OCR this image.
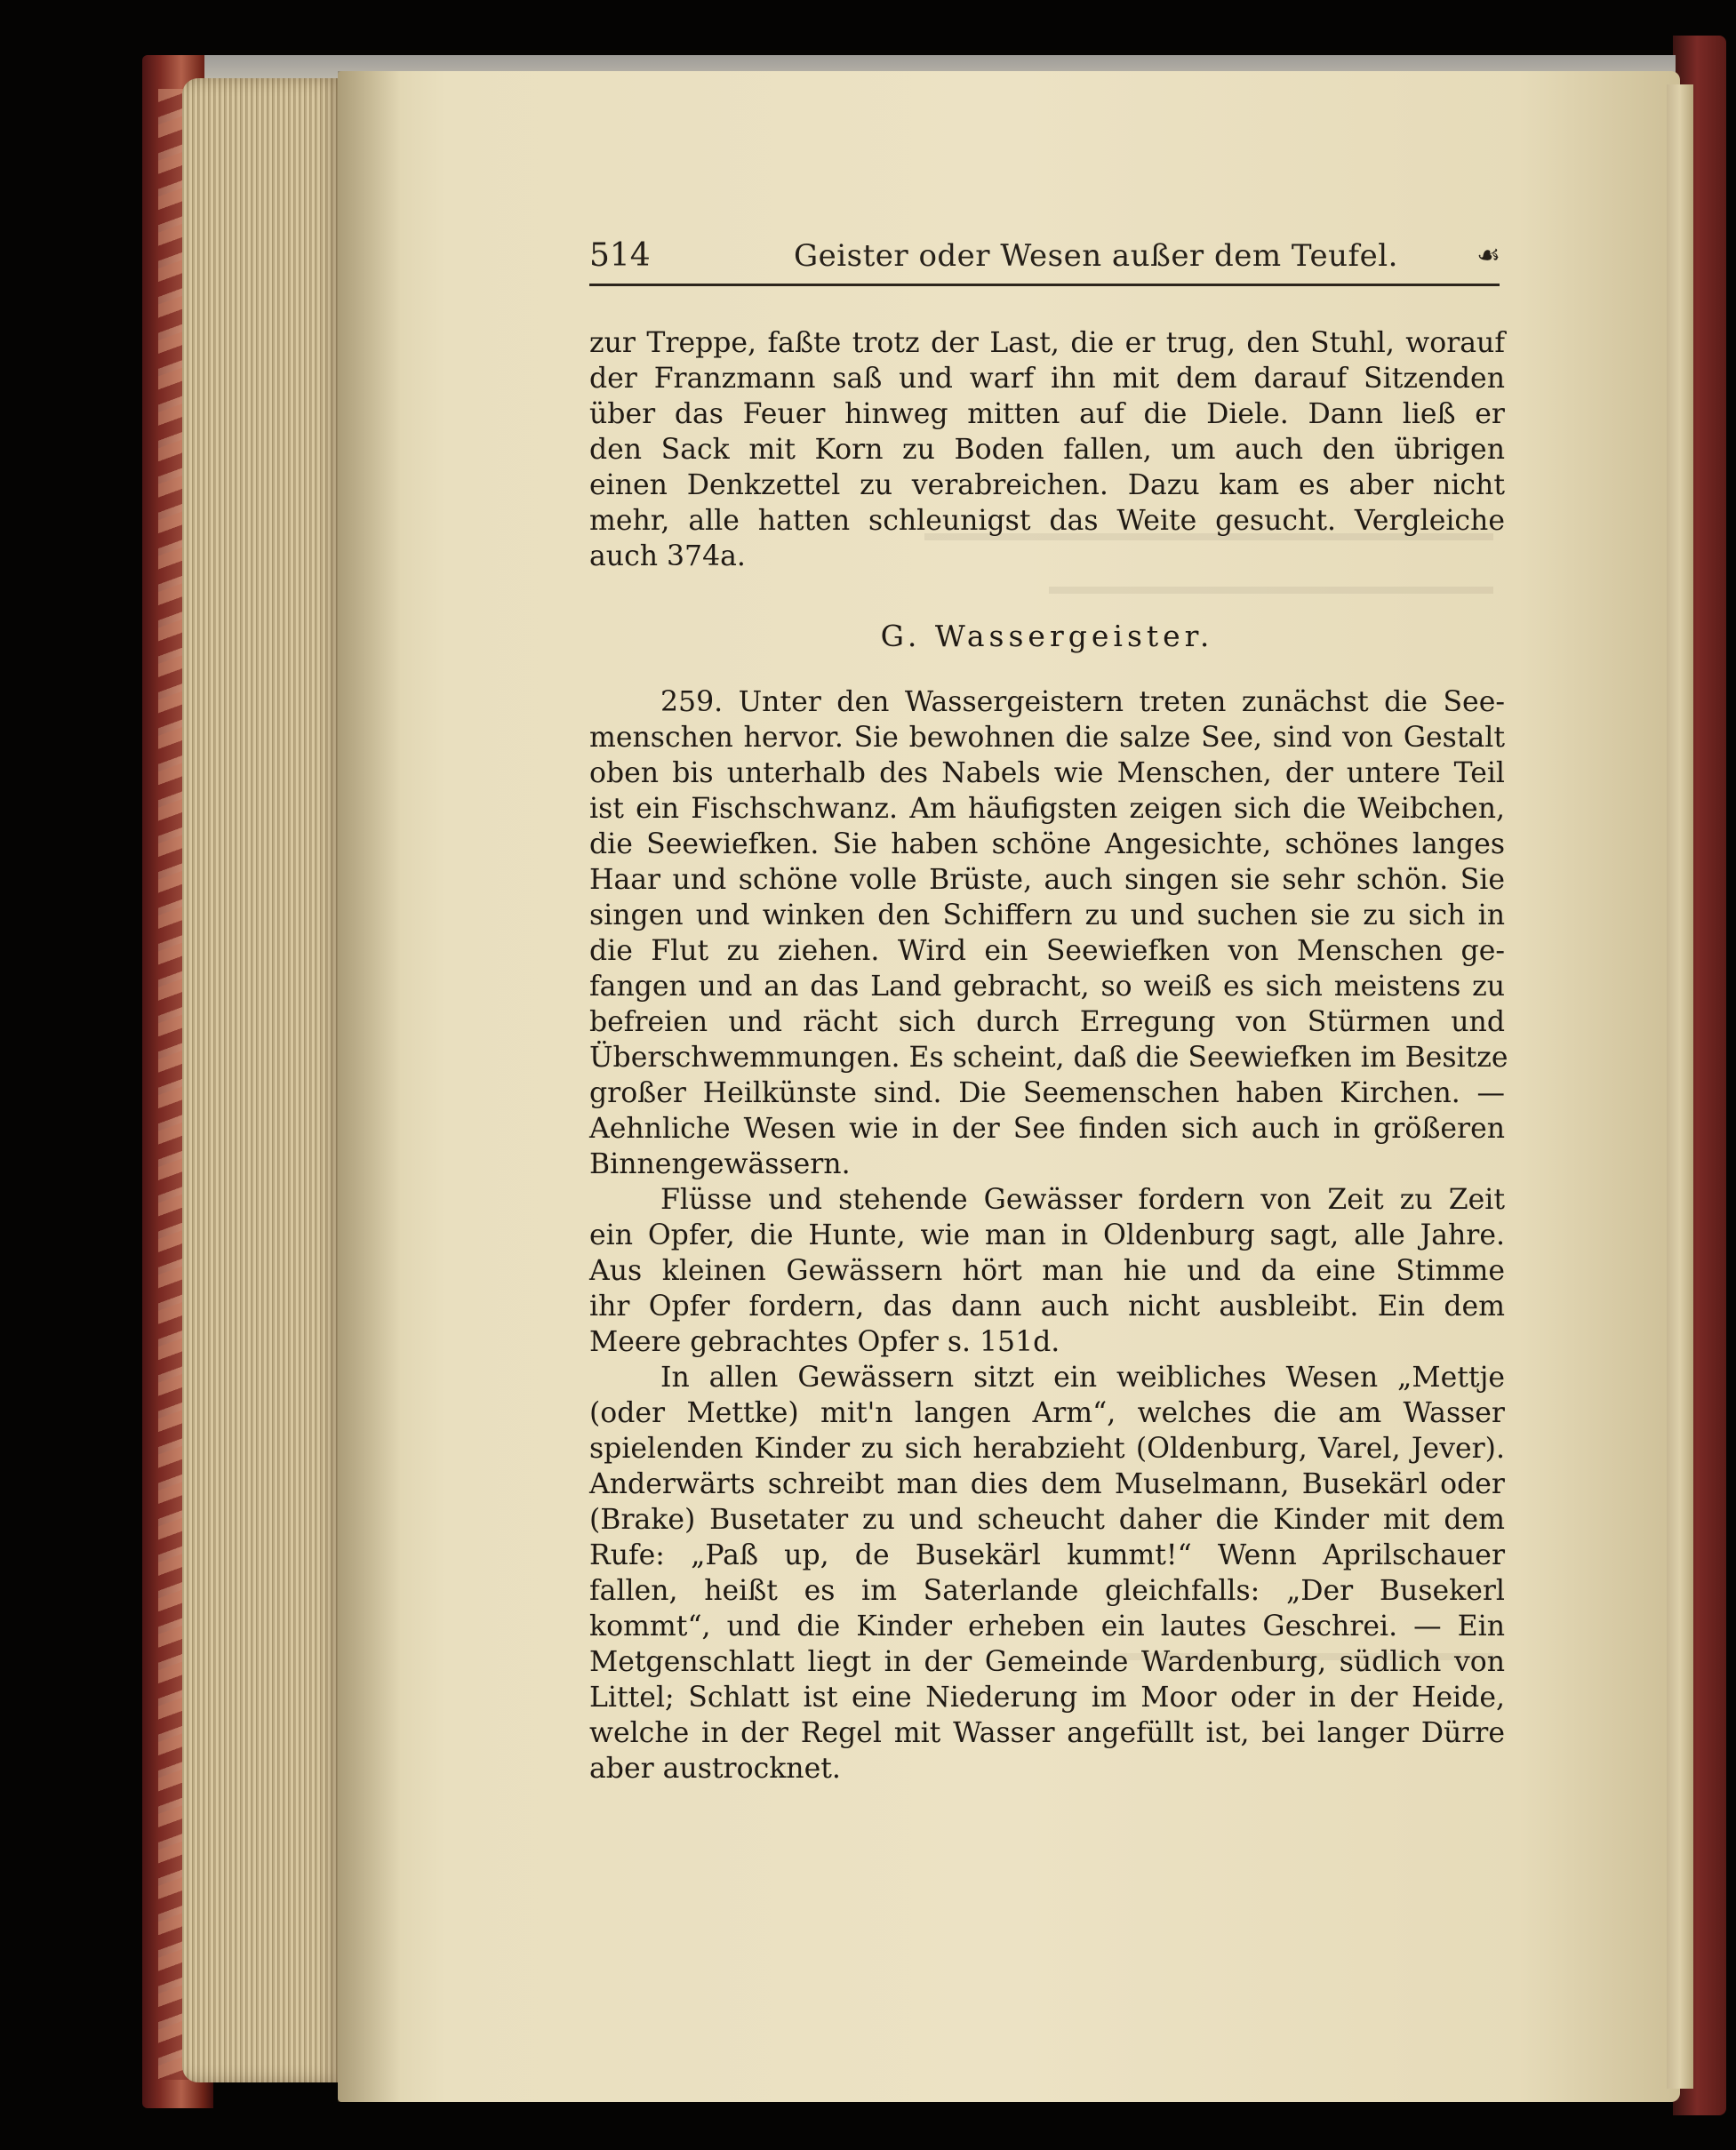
514	Geister oder Wesen außer dem Teufel.	☙
zur Treppe, faßte trotz der Last, die er trug, den Stuhl, worauf
der Franzmann saß und warf ihn mit dem darauf Sitzenden
über das Feuer hinweg mitten auf die Diele. Dann ließ er
den Sack mit Korn zu Boden fallen, um auch den übrigen
einen Denkzettel zu verabreichen. Dazu kam es aber nicht
mehr, alle hatten schleunigst das Weite gesucht. Vergleiche
auch 374a.
G. Wassergeister.
259. Unter den Wassergeistern treten zunächst die See-
menschen hervor. Sie bewohnen die salze See, sind von Gestalt
oben bis unterhalb des Nabels wie Menschen, der untere Teil
ist ein Fischschwanz. Am häufigsten zeigen sich die Weibchen,
die Seewiefken. Sie haben schöne Angesichte, schönes langes
Haar und schöne volle Brüste, auch singen sie sehr schön. Sie
singen und winken den Schiffern zu und suchen sie zu sich in
die Flut zu ziehen. Wird ein Seewiefken von Menschen ge-
fangen und an das Land gebracht, so weiß es sich meistens zu
befreien und rächt sich durch Erregung von Stürmen und
Überschwemmungen. Es scheint, daß die Seewiefken im Besitze
großer Heilkünste sind. Die Seemenschen haben Kirchen. —
Aehnliche Wesen wie in der See finden sich auch in größeren
Binnengewässern.
Flüsse und stehende Gewässer fordern von Zeit zu Zeit
ein Opfer, die Hunte, wie man in Oldenburg sagt, alle Jahre.
Aus kleinen Gewässern hört man hie und da eine Stimme
ihr Opfer fordern, das dann auch nicht ausbleibt. Ein dem
Meere gebrachtes Opfer s. 151d.
In allen Gewässern sitzt ein weibliches Wesen „Mettje
(oder Mettke) mit'n langen Arm“, welches die am Wasser
spielenden Kinder zu sich herabzieht (Oldenburg, Varel, Jever).
Anderwärts schreibt man dies dem Muselmann, Busekärl oder
(Brake) Busetater zu und scheucht daher die Kinder mit dem
Rufe: „Paß up, de Busekärl kummt!“ Wenn Aprilschauer
fallen, heißt es im Saterlande gleichfalls: „Der Busekerl
kommt“, und die Kinder erheben ein lautes Geschrei. — Ein
Metgenschlatt liegt in der Gemeinde Wardenburg, südlich von
Littel; Schlatt ist eine Niederung im Moor oder in der Heide,
welche in der Regel mit Wasser angefüllt ist, bei langer Dürre
aber austrocknet.
